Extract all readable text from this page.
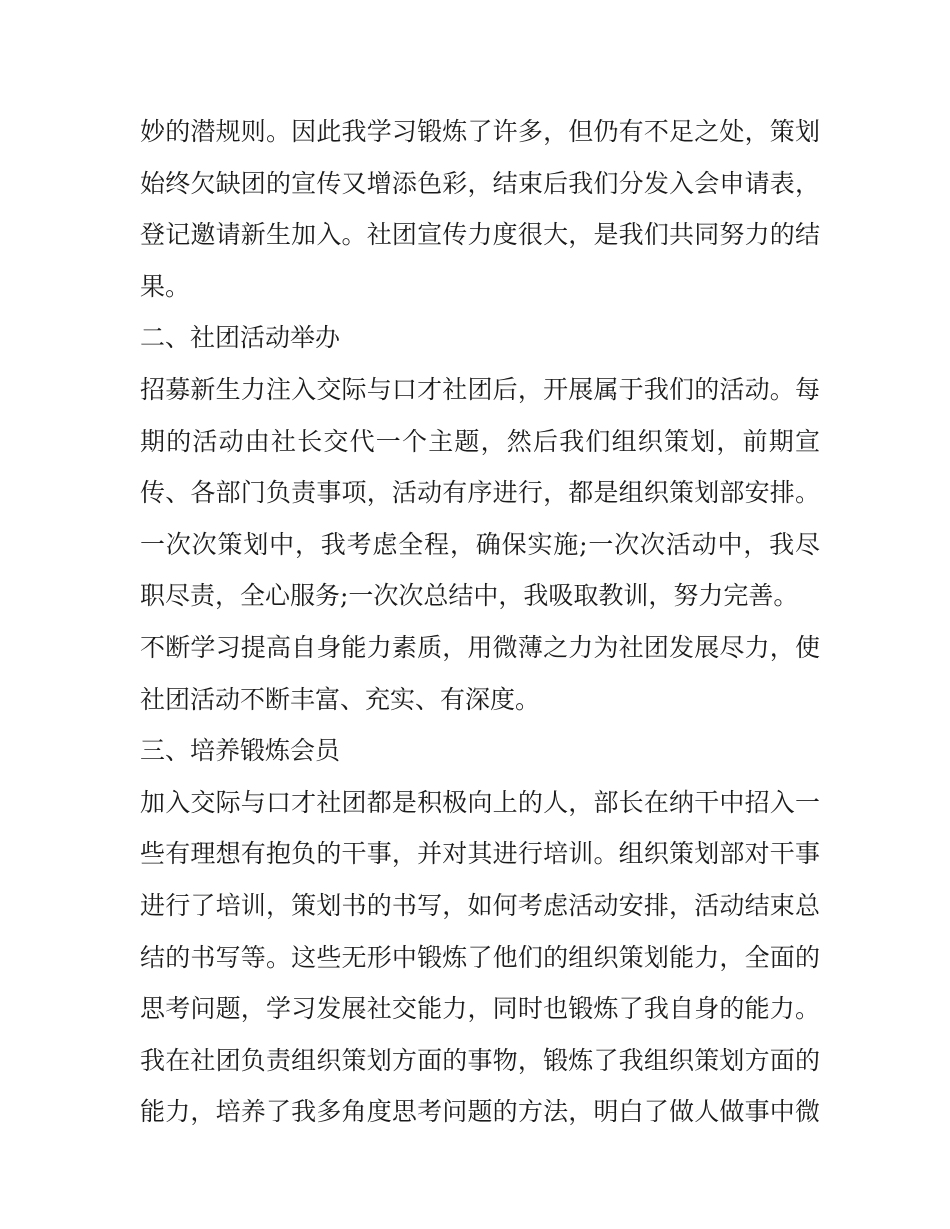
妙的潜规则。因此我学习锻炼了许多，但仍有不足之处，策划
始终欠缺团的宣传又增添色彩，结束后我们分发入会申请表，
登记邀请新生加入。社团宣传力度很大，是我们共同努力的结
果。
二、社团活动举办
招募新生力注入交际与口才社团后，开展属于我们的活动。每
期的活动由社长交代一个主题，然后我们组织策划，前期宣
传、各部门负责事项，活动有序进行，都是组织策划部安排。
一次次策划中，我考虑全程，确保实施;一次次活动中，我尽
职尽责，全心服务;一次次总结中，我吸取教训，努力完善。
不断学习提高自身能力素质，用微薄之力为社团发展尽力，使
社团活动不断丰富、充实、有深度。
三、培养锻炼会员
加入交际与口才社团都是积极向上的人，部长在纳干中招入一
些有理想有抱负的干事，并对其进行培训。组织策划部对干事
进行了培训，策划书的书写，如何考虑活动安排，活动结束总
结的书写等。这些无形中锻炼了他们的组织策划能力，全面的
思考问题，学习发展社交能力，同时也锻炼了我自身的能力。
我在社团负责组织策划方面的事物，锻炼了我组织策划方面的
能力，培养了我多角度思考问题的方法，明白了做人做事中微
